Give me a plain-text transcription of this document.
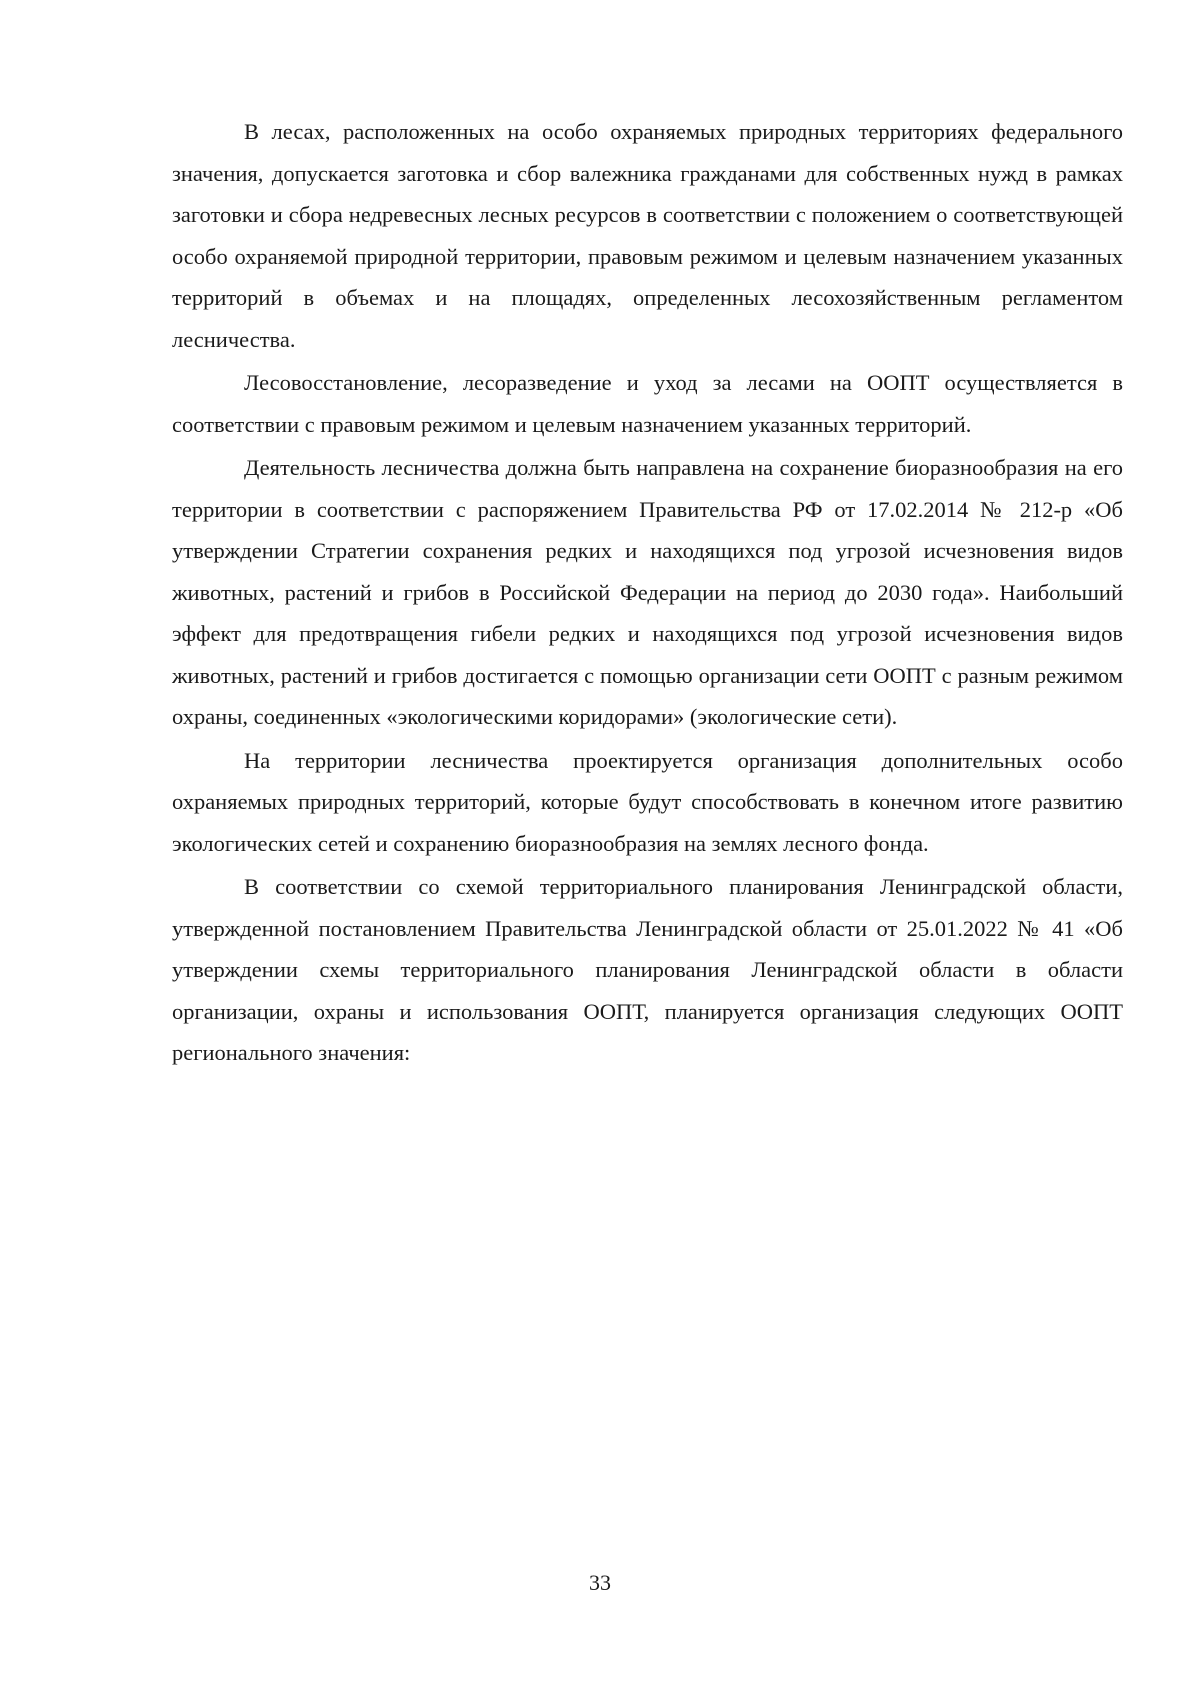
В лесах, расположенных на особо охраняемых природных территориях федерального значения, допускается заготовка и сбор валежника гражданами для собственных нужд в рамках заготовки и сбора недревесных лесных ресурсов в соответствии с положением о соответствующей особо охраняемой природной территории, правовым режимом и целевым назначением указанных территорий в объемах и на площадях, определенных лесохозяйственным регламентом лесничества.

Лесовосстановление, лесоразведение и уход за лесами на ООПТ осуществляется в соответствии с правовым режимом и целевым назначением указанных территорий.

Деятельность лесничества должна быть направлена на сохранение биоразнообразия на его территории в соответствии с распоряжением Правительства РФ от 17.02.2014 № 212-р «Об утверждении Стратегии сохранения редких и находящихся под угрозой исчезновения видов животных, растений и грибов в Российской Федерации на период до 2030 года». Наибольший эффект для предотвращения гибели редких и находящихся под угрозой исчезновения видов животных, растений и грибов достигается с помощью организации сети ООПТ с разным режимом охраны, соединенных «экологическими коридорами» (экологические сети).

На территории лесничества проектируется организация дополнительных особо охраняемых природных территорий, которые будут способствовать в конечном итоге развитию экологических сетей и сохранению биоразнообразия на землях лесного фонда.

В соответствии со схемой территориального планирования Ленинградской области, утвержденной постановлением Правительства Ленинградской области от 25.01.2022 № 41 «Об утверждении схемы территориального планирования Ленинградской области в области организации, охраны и использования ООПТ, планируется организация следующих ООПТ регионального значения:

33
